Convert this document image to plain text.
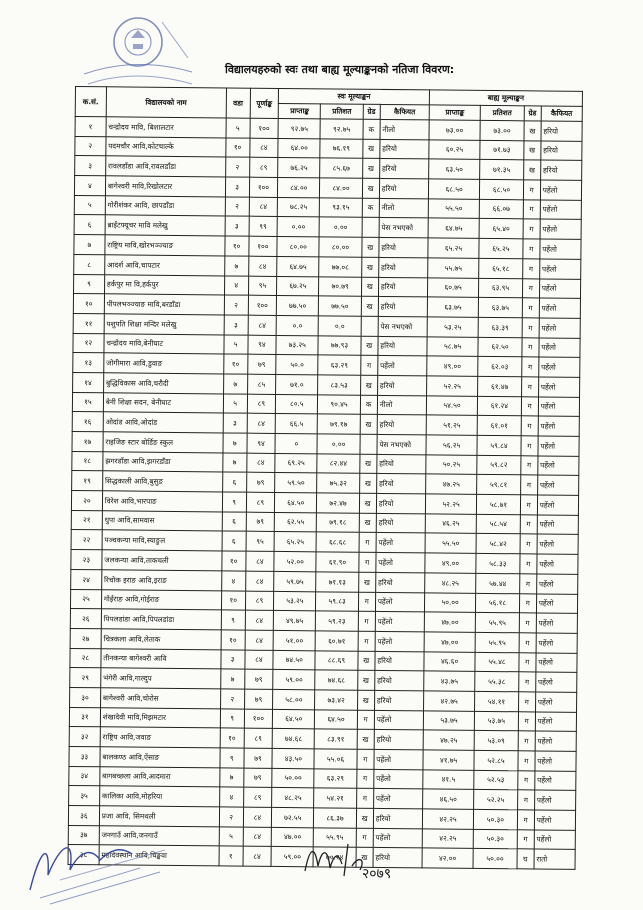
विद्यालयहरुको स्वः तथा बाह्य मूल्याङ्कनको नतिजा विवरण:
क.सं.	विद्यालयको नाम	वडा	पूर्णाङ्क	स्वः मूल्याङ्कन				बाह्य मूल्याङ्कन			
				प्राप्ताङ्क	प्रतिशत	ग्रेड	कैफियत	प्राप्ताङ्क	प्रतिशत	ग्रेड	कैफियत
१	चन्द्रोदय मावि, बिशालटार	५	१००	९२.७५	९२.७५	क	नीलो	७३.००	७३.००	ख	हरियो
२	पदमचौर आवि,कोटचाल्के	१०	८४	६४.००	७६.१९	ख	हरियो	६०.२५	७१.७३	ख	हरियो
३	रावलडाँडा आवि,रावलडाँडा	२	८९	७६.२५	८५.६७	ख	हरियो	६३.५०	७१.३५	ख	हरियो
४	बागेश्वरी मावि,रिखोलटार	३	१००	८४.००	८४.००	ख	हरियो	६८.५०	६८.५०	ग	पहेंलो
५	गोरीशंकर आवि, छापडाँडा	२	८४	७८.२५	९३.१५	क	नीलो	५५.५०	६६.०७	ग	पहेंलो
६	ब्राईटफ्यूचर मावि मलेखु	३	९९	०.००	०.००		पेस नभएको	६४.७५	६५.४०	ग	पहेंलो
७	राष्ट्रिय मावि,खोरभञ्ज्याङ	१०	१००	८०.००	८०.००	ख	हरियो	६५.२५	६५.२५	ग	पहेंलो
८	आदर्श आवि,चापटार	७	८४	६४.७५	७७.०८	ख	हरियो	५५.७५	६५.१८	ग	पहेंलो
९	हर्कपुर मा वि,हर्कपुर	४	९५	६७.२५	७०.७९	ख	हरियो	६०.७५	६३.९५	ग	पहेंलो
१०	पीपलभञ्ज्याङ मावि,बरडाँडा	२	१००	७७.५०	७७.५०	ख	हरियो	६३.७५	६३.७५	ग	पहेंलो
११	पशुपति शिक्षा मन्दिर मलेखु	३	८४	०.०	०.०		पेस नभएको	५३.२५	६३.३९	ग	पहेंलो
१२	चन्द्रोदय मावि,बेनीघाट	५	९४	७३.२५	७७.९३	ख	हरियो	५८.७५	६२.५०	ग	पहेंलो
१३	जोगीमारा आवि,डुवाङ	१०	७९	५०.०	६३.२९	ग	पहेंलो	४९.००	६२.०३	ग	पहेंलो
१४	बुद्धिविकास आवि,चरौदी	७	८५	७१.०	८३.५३	ख	हरियो	५२.२५	६१.४७	ग	पहेंलो
१५	बेनी शिक्षा सदन, बेनीघाट	५	८९	८०.५	९०.४५	क	नीलो	५४.५०	६१.२४	ग	पहेंलो
१६	ओदांड आवि,ओदांड	३	८४	६६.५	७९.१७	ख	हरियो	५१.२५	६१.०१	ग	पहेंलो
१७	राइजिङ स्टार बोर्डिङ स्कुल	७	९४	०	०.००		पेस नभएको	५६.२५	५९.८४	ग	पहेंलो
१८	झगरडाँडा आवि,झगरडाँडा	७	८४	६९.२५	८२.४४	ख	हरियो	५०.२५	५९.८२	ग	पहेंलो
१९	सिद्धकाली आवि,बुसुङ	६	७९	५९.५०	७५.३२	ख	हरियो	४७.२५	५९.८१	ग	पहेंलो
२०	विरेश आवि,भारपाङ	९	८९	६४.५०	७२.४७	ख	हरियो	५२.२५	५८.७१	ग	पहेंलो
२१	धुपा आवि,सामवास	६	७९	६२.५५	७९.१८	ख	हरियो	४६.२५	५८.५४	ग	पहेंलो
२२	पञ्चकन्या मावि,स्याङुल	६	९५	६५.२५	६८.६८	ग	पहेंलो	५५.५०	५८.४२	ग	पहेंलो
२३	जलकन्या आवि,ताकचली	१०	८४	५२.००	६१.९०	ग	पहेंलो	४९.००	५८.३३	ग	पहेंलो
२४	रिचोक इराङ आवि,इराङ	४	८४	५९.७५	७१.१३	ख	हरियो	४८.२५	५७.४४	ग	पहेंलो
२५	गोईराङ आवि,गोईराङ	१०	८९	५३.२५	५९.८३	ग	पहेंलो	५०.००	५६.१८	ग	पहेंलो
२६	पिपलडांडा आवि,पिपलडांडा	९	८४	४९.७५	५९.२३	ग	पहेंलो	४७.००	५५.९५	ग	पहेंलो
२७	चित्रकला आवि,लेताक	१०	८४	५१.००	६०.७१	ग	पहेंलो	४७.००	५५.९५	ग	पहेंलो
२८	तीनकन्या बागेश्वरी आवि	३	८४	७४.५०	८८.६९	ख	हरियो	४६.६०	५५.४८	ग	पहेंलो
२९	भंगेरी आवि,गाल्दुप	७	७९	५९.००	७४.६८	ख	हरियो	४३.७५	५५.३८	ग	पहेंलो
३०	बागेश्वरी आवि,चोरोस	२	७९	५८.००	७३.४२	ख	हरियो	४२.७५	५४.११	ग	पहेंलो
३१	शंखादेवी मावि,मिझमटार	९	१००	६४.५०	६४.५०	ग	पहेंलो	५३.७५	५३.७५	ग	पहेंलो
३२	राष्ट्रिय आवि,जवाङ	१०	८९	७४.६८	८३.९१	ख	हरियो	४७.२५	५३.०९	ग	पहेंलो
३३	बालकण्ठ आवि,ऐंसाङ	९	७९	४३.५०	५५.०६	ग	पहेंलो	४१.७५	५२.८५	ग	पहेंलो
३४	बागबच्छला आवि,आदमारा	७	७९	५०.००	६३.२९	ग	पहेंलो	४१.५	५२.५३	ग	पहेंलो
३५	कालिका आवि,मोहरिया	४	८९	४८.२५	५४.२१	ग	पहेंलो	४६.५०	५२.२५	ग	पहेंलो
३६	प्रजा आवि, सिमथली	२	८४	७२.५५	८६.३७	ख	हरियो	४२.२५	५०.३०	ग	पहेंलो
३७	जनगाउँ आवि,जनगाउँ	५	८४	४७.००	५५.९५	ग	पहेंलो	४२.२५	५०.३०	ग	पहेंलो
३८	महादेवस्थान आवि,चिङ्खवा	१	८४	५९.००	७०.२४	ख	हरियो	४२.००	५०.००	घ	रातो
२०७९
